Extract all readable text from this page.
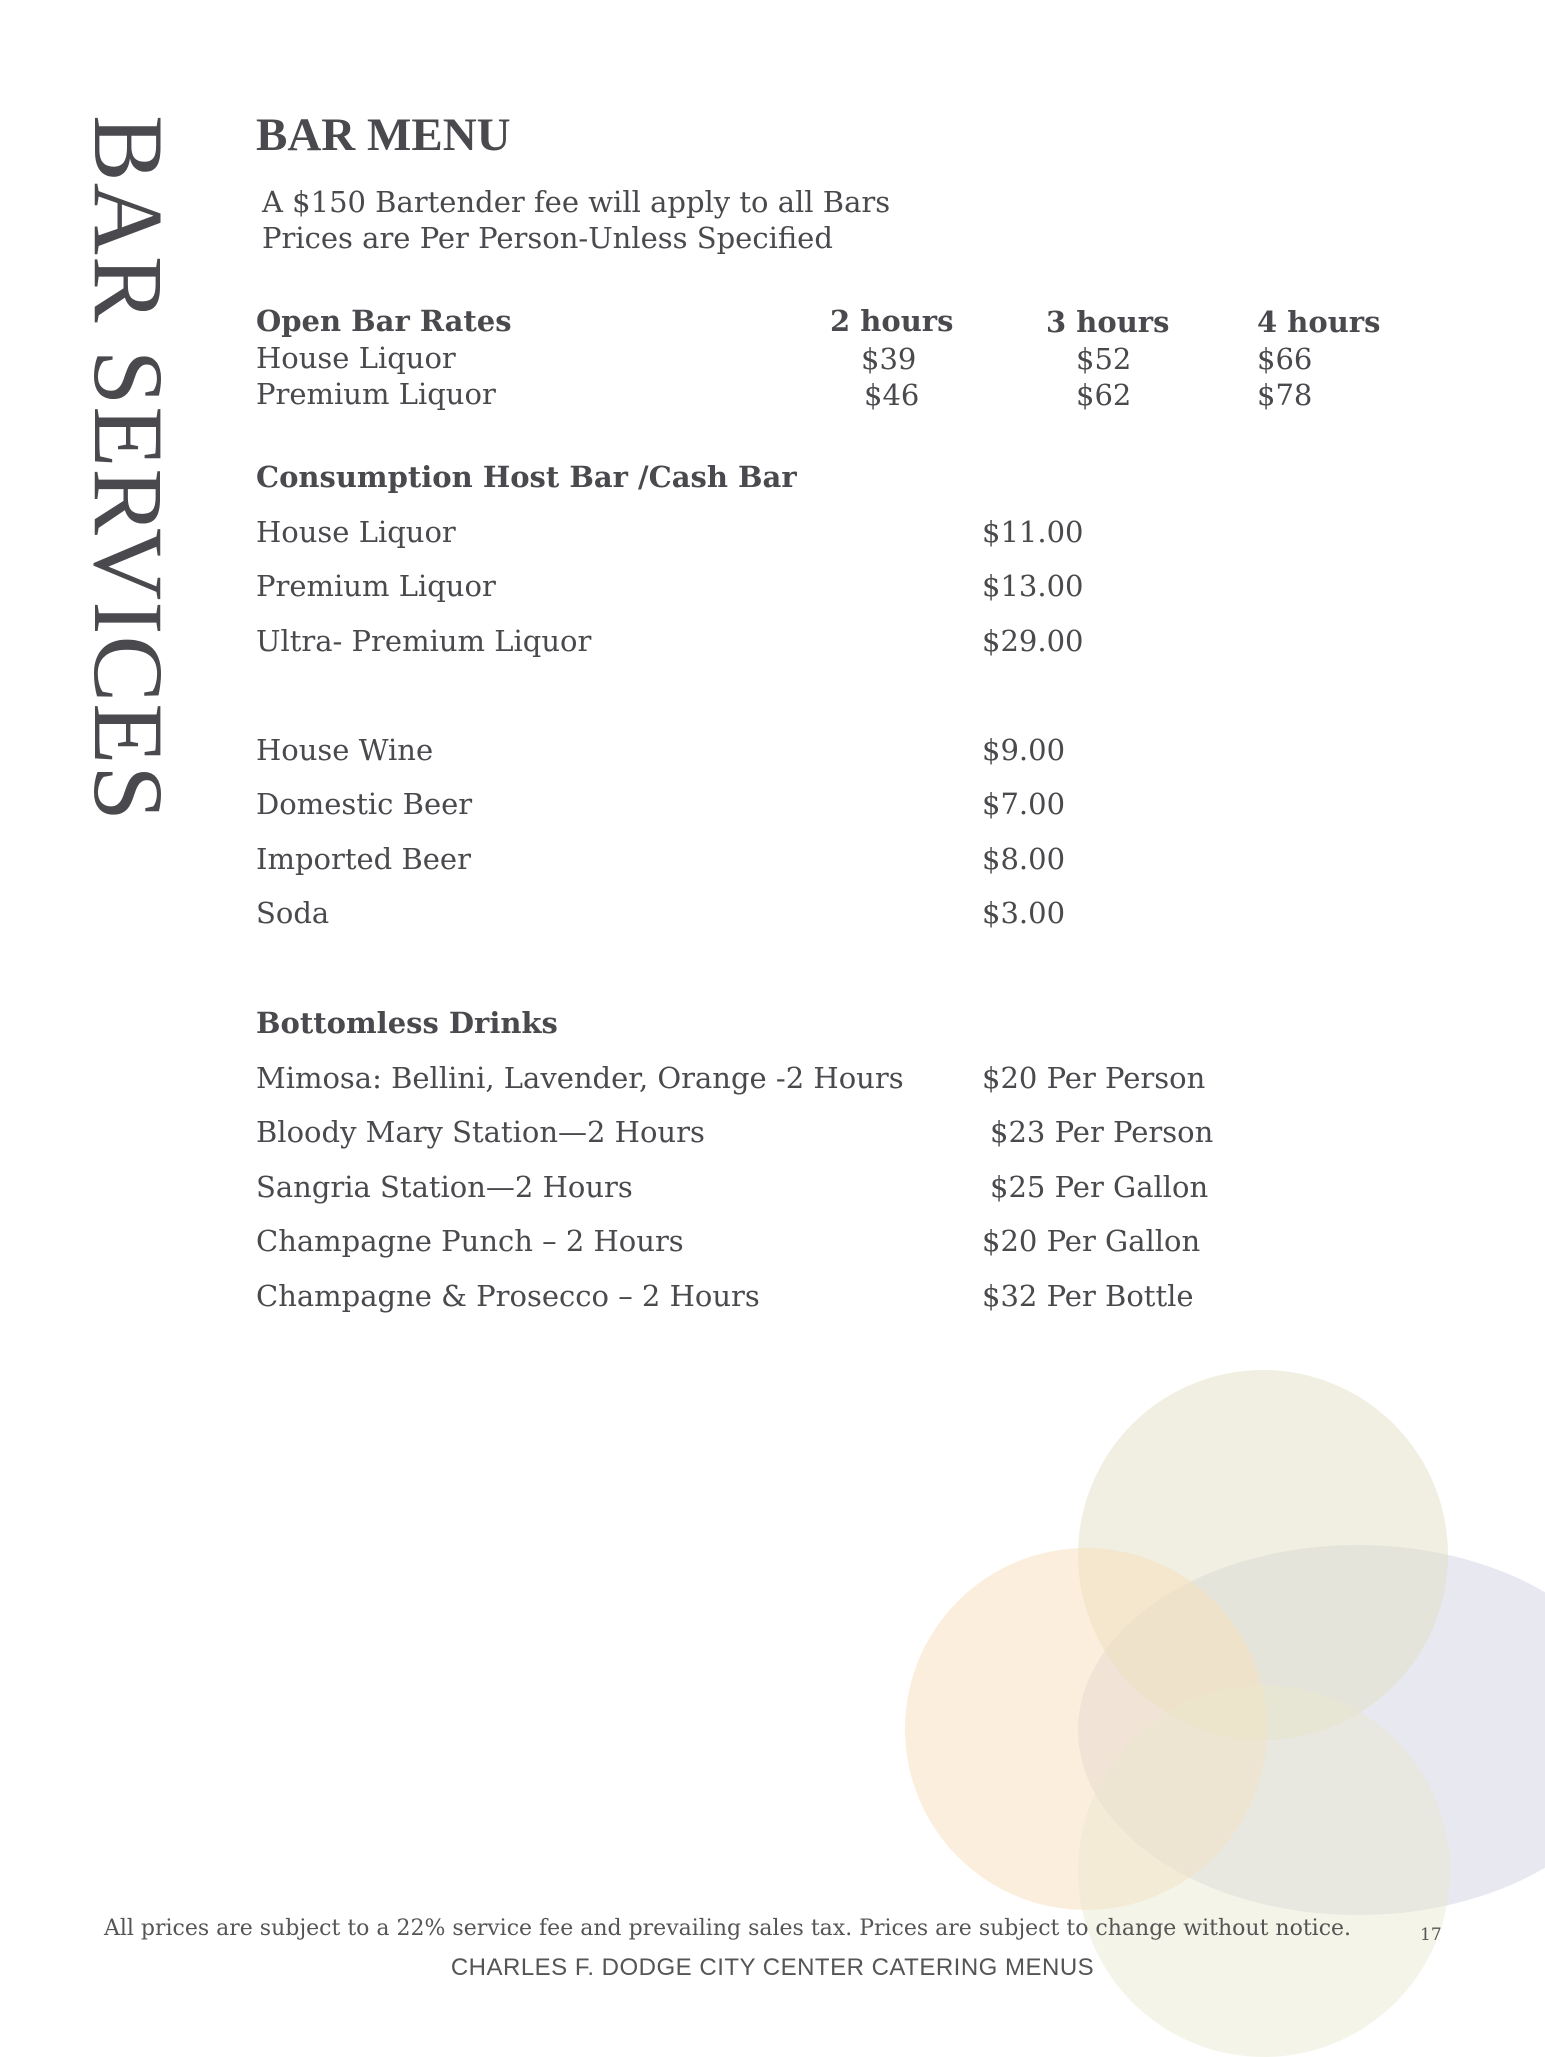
BAR SERVICES BAR MENU
A $150 Bartender fee will apply to all Bars
Prices are Per Person-Unless Specified
Open Bar Rates	2 hours	3 hours	4 hours
House Liquor	$39	$52	$66
Premium Liquor	$46	$62	$78
Consumption Host Bar /Cash Bar
House Liquor	$11.00
Premium Liquor	$13.00
Ultra- Premium Liquor	$29.00
House Wine	$9.00
Domestic Beer	$7.00
Imported Beer	$8.00
Soda	$3.00
Bottomless Drinks
Mimosa: Bellini, Lavender, Orange -2 Hours	$20 Per Person
Bloody Mary Station—2 Hours	$23 Per Person
Sangria Station—2 Hours	$25 Per Gallon
Champagne Punch – 2 Hours	$20 Per Gallon
Champagne & Prosecco – 2 Hours	$32 Per Bottle
All prices are subject to a 22% service fee and prevailing sales tax. Prices are subject to change without notice.	17
CHARLES F. DODGE CITY CENTER CATERING MENUS
